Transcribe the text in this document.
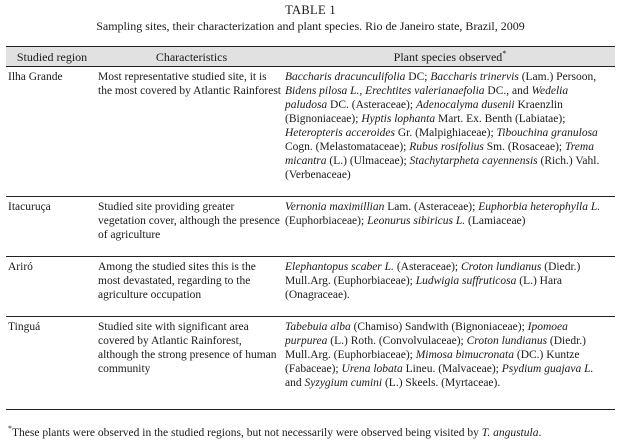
TABLE 1
Sampling sites, their characterization and plant species. Rio de Janeiro state, Brazil, 2009
Studied region	Characteristics	Plant species observed*
Ilha Grande	Most representative studied site, it is the most covered by Atlantic Rainforest	Baccharis dracunculifolia DC; Baccharis trinervis (Lam.) Persoon, Bidens pilosa L., Erechtites valerianaefolia DC., and Wedelia paludosa DC. (Asteraceae); Adenocalyma dusenii Kraenzlin (Bignoniaceae); Hyptis lophanta Mart. Ex. Benth (Labiatae); Heteropteris acceroides Gr. (Malpighiaceae); Tibouchina granulosa Cogn. (Melastomataceae); Rubus rosifolius Sm. (Rosaceae); Trema micantra (L.) (Ulmaceae); Stachytarpheta cayennensis (Rich.) Vahl. (Verbenaceae)
Itacuruça	Studied site providing greater vegetation cover, although the presence of agriculture	Vernonia maximillian Lam. (Asteraceae); Euphorbia heterophylla L. (Euphorbiaceae); Leonurus sibiricus L. (Lamiaceae)
Ariró	Among the studied sites this is the most devastated, regarding to the agriculture occupation	Elephantopus scaber L. (Asteraceae); Croton lundianus (Diedr.) Mull.Arg. (Euphorbiaceae); Ludwigia suffruticosa (L.) Hara (Onagraceae).
Tinguá	Studied site with significant area covered by Atlantic Rainforest, although the strong presence of human community	Tabebuia alba (Chamiso) Sandwith (Bignoniaceae); Ipomoea purpurea (L.) Roth. (Convolvulaceae); Croton lundianus (Diedr.) Mull.Arg. (Euphorbiaceae); Mimosa bimucronata (DC.) Kuntze (Fabaceae); Urena lobata Lineu. (Malvaceae); Psydium guajava L. and Syzygium cumini (L.) Skeels. (Myrtaceae).
*These plants were observed in the studied regions, but not necessarily were observed being visited by T. angustula.
